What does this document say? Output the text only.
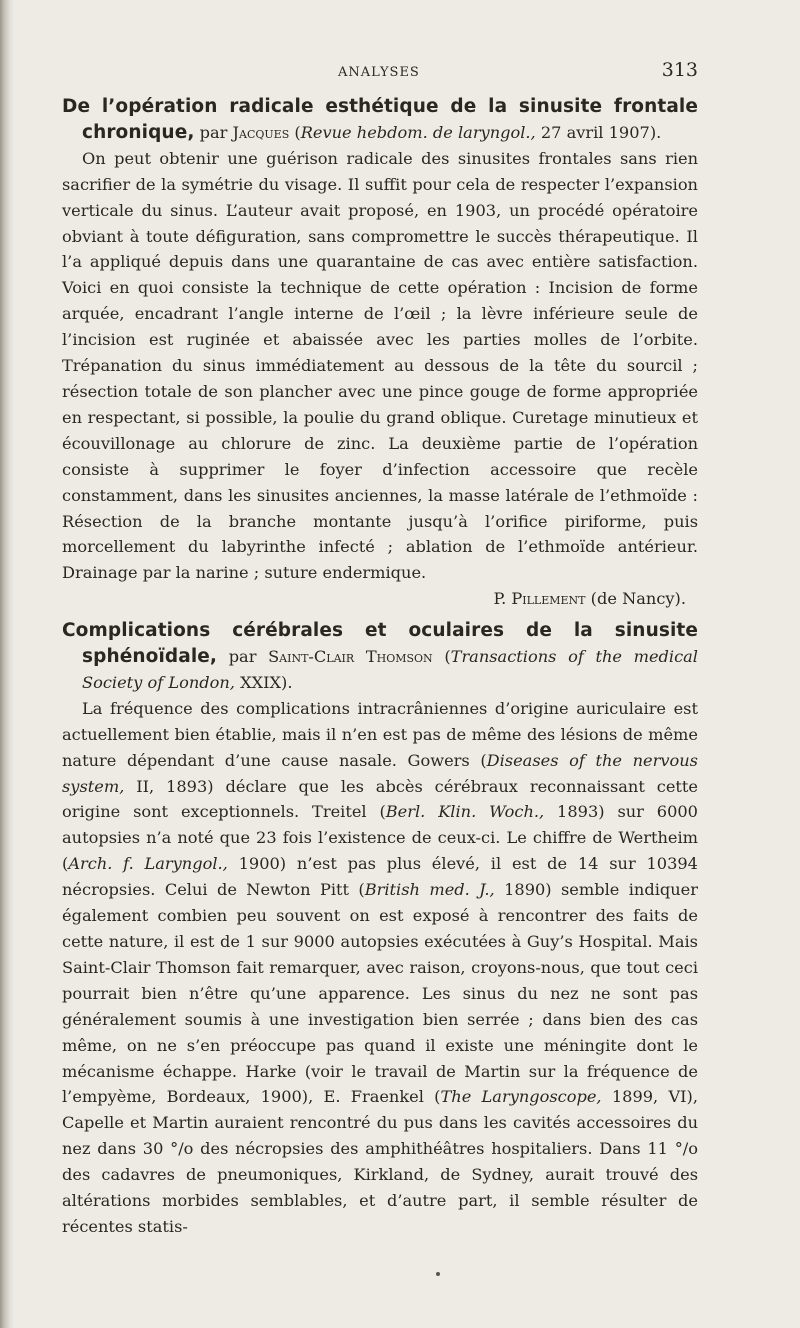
ANALYSES	313

De l’opération radicale esthétique de la sinusite frontale chronique, par Jacques (Revue hebdom. de laryngol., 27 avril 1907).

On peut obtenir une guérison radicale des sinusites frontales sans rien sacrifier de la symétrie du visage. Il suffit pour cela de respecter l’expansion verticale du sinus. L’auteur avait proposé, en 1903, un procédé opératoire obviant à toute défiguration, sans compromettre le succès thérapeutique. Il l’a appliqué depuis dans une quarantaine de cas avec entière satisfaction. Voici en quoi consiste la technique de cette opération : Incision de forme arquée, encadrant l’angle interne de l’œil ; la lèvre inférieure seule de l’incision est ruginée et abaissée avec les parties molles de l’orbite. Trépanation du sinus immédiatement au dessous de la tête du sourcil ; résection totale de son plancher avec une pince gouge de forme appropriée en respectant, si possible, la poulie du grand oblique. Curetage minutieux et écouvillonage au chlorure de zinc. La deuxième partie de l’opération consiste à supprimer le foyer d’infection accessoire que recèle constamment, dans les sinusites anciennes, la masse latérale de l’ethmoïde : Résection de la branche montante jusqu’à l’orifice piriforme, puis morcellement du labyrinthe infecté ; ablation de l’ethmoïde antérieur. Drainage par la narine ; suture endermique.

P. Pillement (de Nancy).

Complications cérébrales et oculaires de la sinusite sphénoïdale, par Saint-Clair Thomson (Transactions of the medical Society of London, XXIX).

La fréquence des complications intracrâniennes d’origine auriculaire est actuellement bien établie, mais il n’en est pas de même des lésions de même nature dépendant d’une cause nasale. Gowers (Diseases of the nervous system, II, 1893) déclare que les abcès cérébraux reconnaissant cette origine sont exceptionnels. Treitel (Berl. Klin. Woch., 1893) sur 6000 autopsies n’a noté que 23 fois l’existence de ceux-ci. Le chiffre de Wertheim (Arch. f. Laryngol., 1900) n’est pas plus élevé, il est de 14 sur 10394 nécropsies. Celui de Newton Pitt (British med. J., 1890) semble indiquer également combien peu souvent on est exposé à rencontrer des faits de cette nature, il est de 1 sur 9000 autopsies exécutées à Guy’s Hospital. Mais Saint-Clair Thomson fait remarquer, avec raison, croyons-nous, que tout ceci pourrait bien n’être qu’une apparence. Les sinus du nez ne sont pas généralement soumis à une investigation bien serrée ; dans bien des cas même, on ne s’en préoccupe pas quand il existe une méningite dont le mécanisme échappe. Harke (voir le travail de Martin sur la fréquence de l’empyème, Bordeaux, 1900), E. Fraenkel (The Laryngoscope, 1899, VI), Capelle et Martin auraient rencontré du pus dans les cavités accessoires du nez dans 30 °/o des nécropsies des amphithéâtres hospitaliers. Dans 11 °/o des cadavres de pneumoniques, Kirkland, de Sydney, aurait trouvé des altérations morbides semblables, et d’autre part, il semble résulter de récentes statis-
